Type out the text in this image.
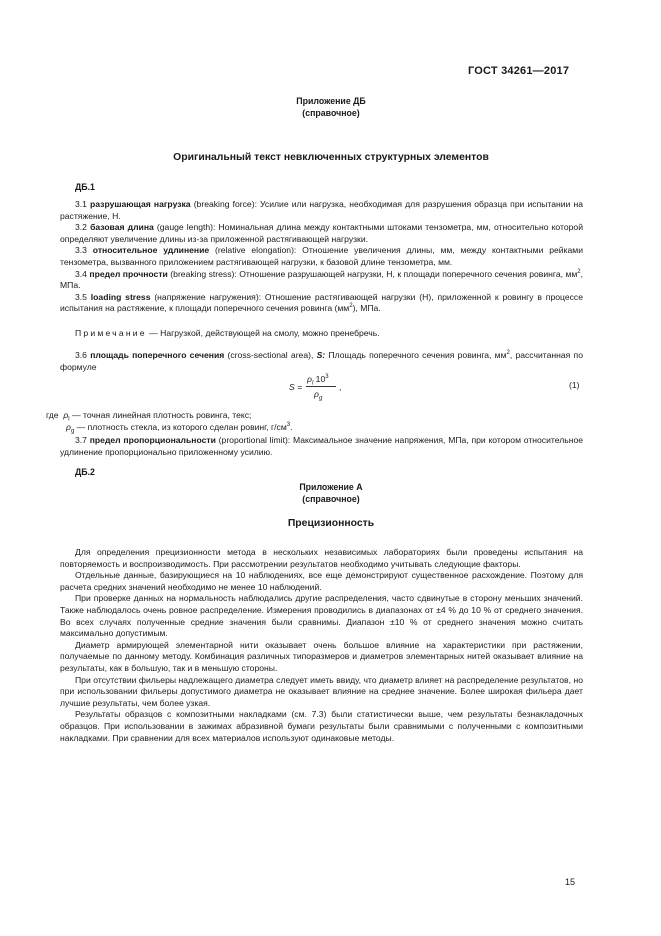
ГОСТ 34261—2017
Приложение ДБ
(справочное)
Оригинальный текст невключенных структурных элементов
ДБ.1

3.1 разрушающая нагрузка (breaking force): Усилие или нагрузка, необходимая для разрушения образца при испытании на растяжение, Н.

3.2 базовая длина (gauge length): Номинальная длина между контактными штоками тензометра, мм, относительно которой определяют увеличение длины из-за приложенной растягивающей нагрузки.

3.3 относительное удлинение (relative elongation): Отношение увеличения длины, мм, между контактными рейками тензометра, вызванного приложением растягивающей нагрузки, к базовой длине тензометра, мм.

3.4 предел прочности (breaking stress): Отношение разрушающей нагрузки, Н, к площади поперечного сечения ровинга, $мм^2$, МПа.

3.5 loading stress (напряжение нагружения): Отношение растягивающей нагрузки (Н), приложенной к ровингу в процессе испытания на растяжение, к площади поперечного сечения ровинга $(мм^2)$, МПа.

Примечание — Нагрузкой, действующей на смолу, можно пренебречь.

3.6 площадь поперечного сечения (cross-sectional area), S: Площадь поперечного сечения ровинга, $мм^2$, рассчитанная по формуле

S =
$\rho_l$ $10^3$
$\rho_g$
,	(1)
где $\rho_l$ — точная линейная плотность ровинга, текс;
$\rho_g$ — плотность стекла, из которого сделан ровинг, $г/см^3$.

3.7 предел пропорциональности (proportional limit): Максимальное значение напряжения, МПа, при котором относительное удлинение пропорционально приложенному усилию.

ДБ.2
Приложение А
(справочное)
Прецизионность

Для определения прецизионности метода в нескольких независимых лабораториях были проведены испытания на повторяемость и воспроизводимость. При рассмотрении результатов необходимо учитывать следующие факторы.

Отдельные данные, базирующиеся на 10 наблюдениях, все еще демонстрируют существенное расхождение. Поэтому для расчета средних значений необходимо не менее 10 наблюдений.

При проверке данных на нормальность наблюдались другие распределения, часто сдвинутые в сторону меньших значений. Также наблюдалось очень ровное распределение. Измерения проводились в диапазонах от ±4 % до 10 % от среднего значения. Во всех случаях полученные средние значения были сравнимы. Диапазон ±10 % от среднего значения можно считать максимально допустимым.

Диаметр армирующей элементарной нити оказывает очень большое влияние на характеристики при растяжении, получаемые по данному методу. Комбинация различных типоразмеров и диаметров элементарных нитей оказывает влияние на результаты, как в большую, так и в меньшую стороны.

При отсутствии фильеры надлежащего диаметра следует иметь ввиду, что диаметр влияет на распределение результатов, но при использовании фильеры допустимого диаметра не оказывает влияние на среднее значение. Более широкая фильера дает лучшие результаты, чем более узкая.

Результаты образцов с композитными накладками (см. 7.3) были статистически выше, чем результаты безнакладочных образцов. При использовании в зажимах абразивной бумаги результаты были сравнимыми с полученными с композитными накладками. При сравнении для всех материалов используют одинаковые методы.

15
